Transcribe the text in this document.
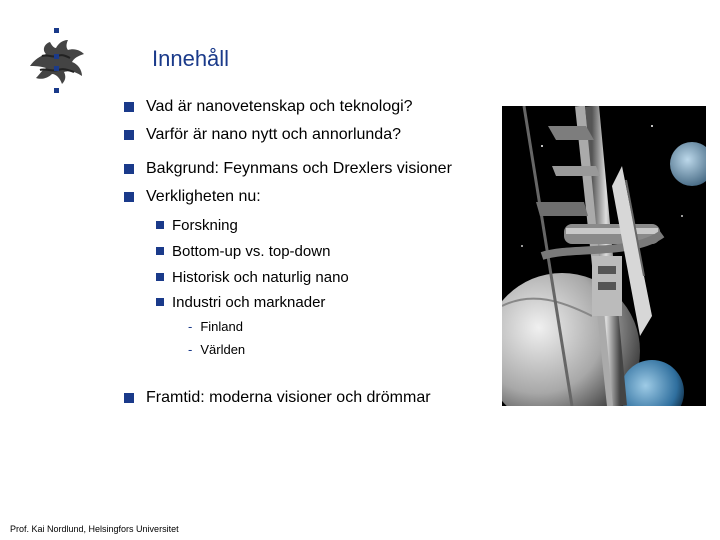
Innehåll
Vad är nanovetenskap och teknologi?
Varför är nano nytt och annorlunda?
Bakgrund: Feynmans och Drexlers visioner
Verkligheten nu:
Forskning
Bottom-up vs. top-down
Historisk och naturlig nano
Industri och marknader
- Finland
- Världen
Framtid: moderna visioner och drömmar
Prof. Kai Nordlund, Helsingfors Universitet
